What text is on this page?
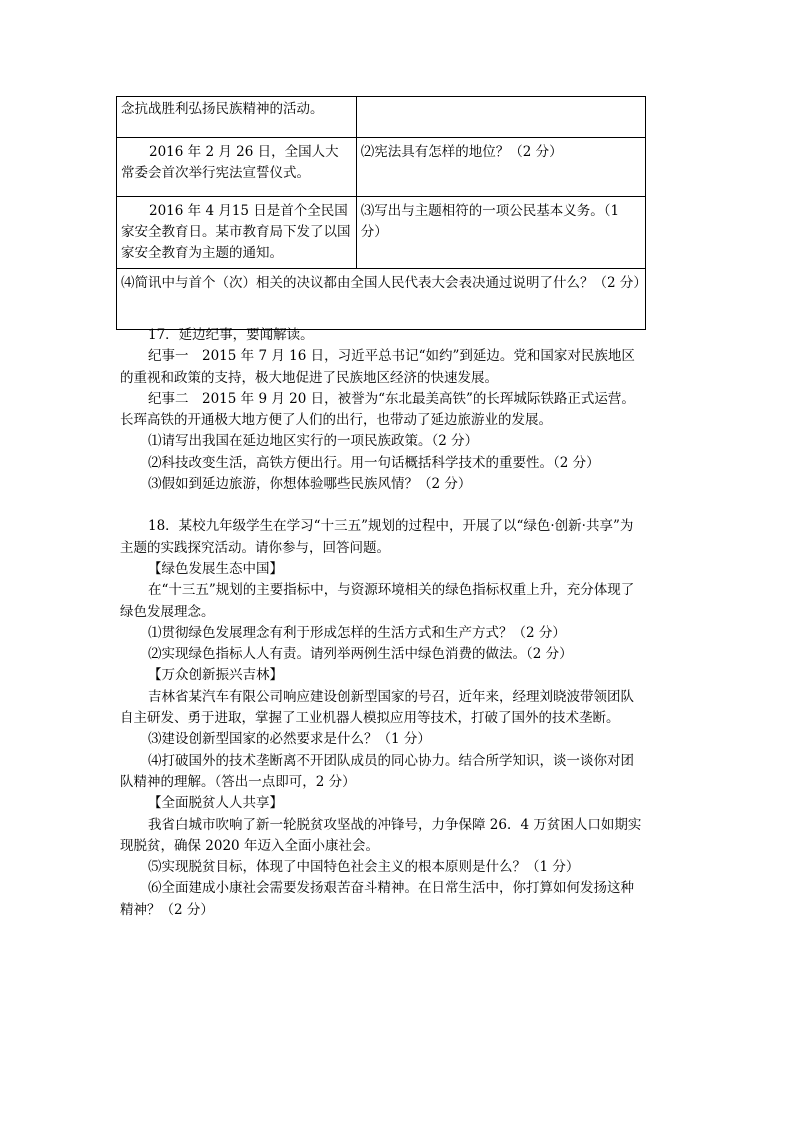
念抗战胜利弘扬民族精神的活动。	
2016 年 2 月 26 日，全国人大常委会首次举行宪法宣誓仪式。	⑵宪法具有怎样的地位？（2 分）
2016 年 4 月15 日是首个全民国家安全教育日。某市教育局下发了以国家安全教育为主题的通知。	⑶写出与主题相符的一项公民基本义务。（1 分）
⑷简讯中与首个（次）相关的决议都由全国人民代表大会表决通过说明了什么？（2 分）	

17．延边纪事，要闻解读。

纪事一　2015 年 7 月 16 日，习近平总书记“如约”到延边。党和国家对民族地区的重视和政策的支持，极大地促进了民族地区经济的快速发展。

纪事二　2015 年 9 月 20 日，被誉为“东北最美高铁”的长珲城际铁路正式运营。长珲高铁的开通极大地方便了人们的出行，也带动了延边旅游业的发展。

⑴请写出我国在延边地区实行的一项民族政策。（2 分）

⑵科技改变生活，高铁方便出行。用一句话概括科学技术的重要性。（2 分）

⑶假如到延边旅游，你想体验哪些民族风情？（2 分）

18．某校九年级学生在学习“十三五”规划的过程中，开展了以“绿色·创新·共享”为主题的实践探究活动。请你参与，回答问题。

【绿色发展生态中国】

在“十三五”规划的主要指标中，与资源环境相关的绿色指标权重上升，充分体现了绿色发展理念。

⑴贯彻绿色发展理念有利于形成怎样的生活方式和生产方式？（2 分）

⑵实现绿色指标人人有责。请列举两例生活中绿色消费的做法。（2 分）

【万众创新振兴吉林】

吉林省某汽车有限公司响应建设创新型国家的号召，近年来，经理刘晓波带领团队自主研发、勇于进取，掌握了工业机器人模拟应用等技术，打破了国外的技术垄断。

⑶建设创新型国家的必然要求是什么？（1 分）

⑷打破国外的技术垄断离不开团队成员的同心协力。结合所学知识，谈一谈你对团队精神的理解。（答出一点即可，2 分）

【全面脱贫人人共享】

我省白城市吹响了新一轮脱贫攻坚战的冲锋号，力争保障 26．4 万贫困人口如期实现脱贫，确保 2020 年迈入全面小康社会。

⑸实现脱贫目标，体现了中国特色社会主义的根本原则是什么？（1 分）

⑹全面建成小康社会需要发扬艰苦奋斗精神。在日常生活中，你打算如何发扬这种精神？（2 分）
